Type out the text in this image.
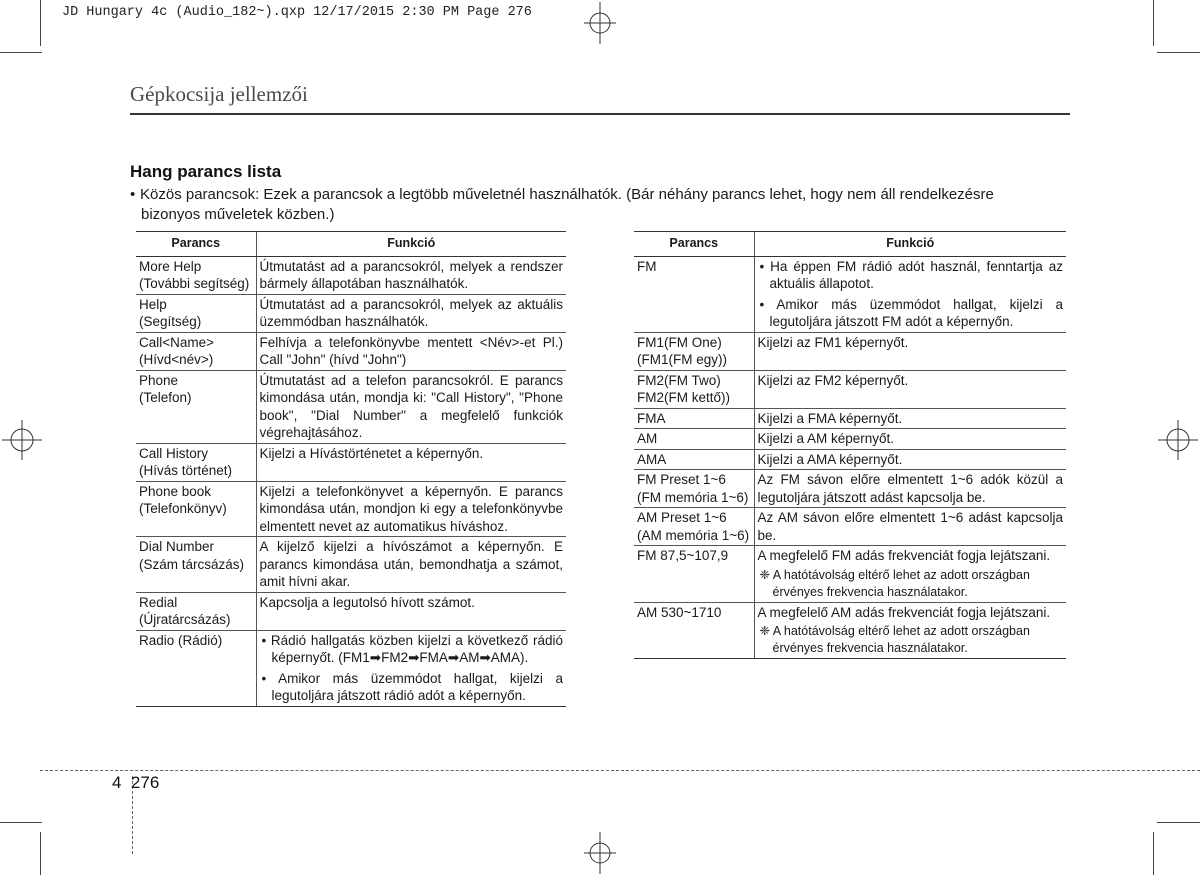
JD Hungary 4c (Audio_182~).qxp 12/17/2015 2:30 PM Page 276
Gépkocsija jellemzői
Hang parancs lista
• Közös parancsok: Ezek a parancsok a legtöbb műveletnél használhatók. (Bár néhány parancs lehet, hogy nem áll rendelkezésre
bizonyos műveletek közben.)
Parancs	Funkció

More Help
(További segítség)	Útmutatást ad a parancsokról, melyek a rendszer bármely állapotában használhatók.

Help
(Segítség)	Útmutatást ad a parancsokról, melyek az aktuális üzemmódban használhatók.

Call<Name>
(Hívd<név>)	Felhívja a telefonkönyvbe mentett <Név>-et Pl.) Call "John" (hívd "John")

Phone
(Telefon)	Útmutatást ad a telefon parancsokról. E parancs kimondása után, mondja ki: "Call History", "Phone book", "Dial Number" a megfelelő funkciók végrehajtásához.

Call History
(Hívás történet)	Kijelzi a Hívástörténetet a képernyőn.

Phone book
(Telefonkönyv)	Kijelzi a telefonkönyvet a képernyőn. E parancs kimondása után, mondjon ki egy a telefonkönyvbe elmentett nevet az automatikus híváshoz.

Dial Number
(Szám tárcsázás)	A kijelző kijelzi a hívószámot a képernyőn. E parancs kimondása után, bemondhatja a számot, amit hívni akar.

Redial
(Újratárcsázás)	Kapcsolja a legutolsó hívott számot.

Radio (Rádió)	• Rádió hallgatás közben kijelzi a következő rádió képernyőt. (FM1➡FM2➡FMA➡AM➡AMA).
• Amikor más üzemmódot hallgat, kijelzi a legutoljára játszott rádió adót a képernyőn.
Parancs	Funkció

FM	• Ha éppen FM rádió adót használ, fenntartja az aktuális állapotot.
• Amikor más üzemmódot hallgat, kijelzi a legutoljára játszott FM adót a képernyőn.

FM1(FM One)
(FM1(FM egy))	Kijelzi az FM1 képernyőt.

FM2(FM Two)
FM2(FM kettő))	Kijelzi az FM2 képernyőt.

FMA	Kijelzi a FMA képernyőt.

AM	Kijelzi a AM képernyőt.

AMA	Kijelzi a AMA képernyőt.

FM Preset 1~6
(FM memória 1~6)	Az FM sávon előre elmentett 1~6 adók közül a legutoljára játszott adást kapcsolja be.

AM Preset 1~6
(AM memória 1~6)	Az AM sávon előre elmentett 1~6 adást kapcsolja be.

FM 87,5~107,9	A megfelelő FM adás frekvenciát fogja lejátszani.
❈ A hatótávolság eltérő lehet az adott országban érvényes frekvencia használatakor.

AM 530~1710	A megfelelő AM adás frekvenciát fogja lejátszani.
❈ A hatótávolság eltérő lehet az adott országban érvényes frekvencia használatakor.
4 276
